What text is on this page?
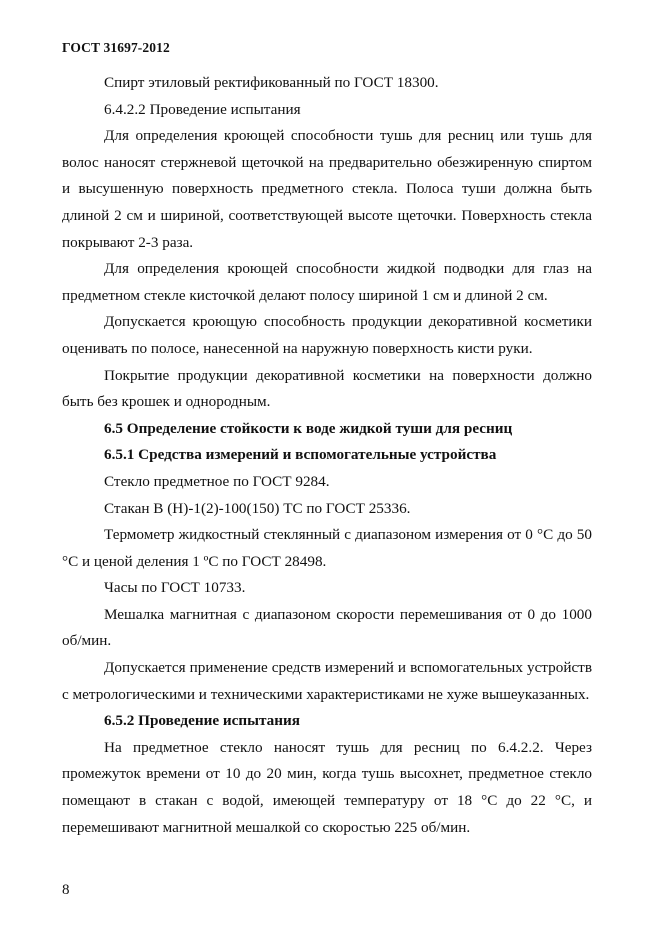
ГОСТ 31697-2012

Спирт этиловый ректификованный по ГОСТ 18300.

6.4.2.2 Проведение испытания

Для определения кроющей способности тушь для ресниц или тушь для волос наносят стержневой щеточкой на предварительно обезжиренную спиртом и высушенную поверхность предметного стекла. Полоса туши должна быть длиной 2 см и шириной, соответствующей высоте щеточки. Поверхность стекла покрывают 2-3 раза.

Для определения кроющей способности жидкой подводки для глаз на предметном стекле кисточкой делают полосу шириной 1 см и длиной 2 см.

Допускается кроющую способность продукции декоративной косметики оценивать по полосе, нанесенной на наружную поверхность кисти руки.

Покрытие продукции декоративной косметики на поверхности должно быть без крошек и однородным.

6.5 Определение стойкости к воде жидкой туши для ресниц

6.5.1 Средства измерений и вспомогательные устройства

Стекло предметное по ГОСТ 9284.

Стакан В (Н)-1(2)-100(150) ТС по ГОСТ 25336.

Термометр жидкостный стеклянный с диапазоном измерения от 0 °С до 50 °С и ценой деления 1 ºС по ГОСТ 28498.

Часы по ГОСТ 10733.

Мешалка магнитная с диапазоном скорости перемешивания от 0 до 1000 об/мин.

Допускается применение средств измерений и вспомогательных устройств с метрологическими и техническими характеристиками не хуже вышеуказанных.

6.5.2 Проведение испытания

На предметное стекло наносят тушь для ресниц по 6.4.2.2. Через промежуток времени от 10 до 20 мин, когда тушь высохнет, предметное стекло помещают в стакан с водой, имеющей температуру от 18 °С до 22 °С, и перемешивают магнитной мешалкой со скоростью 225 об/мин.

8
